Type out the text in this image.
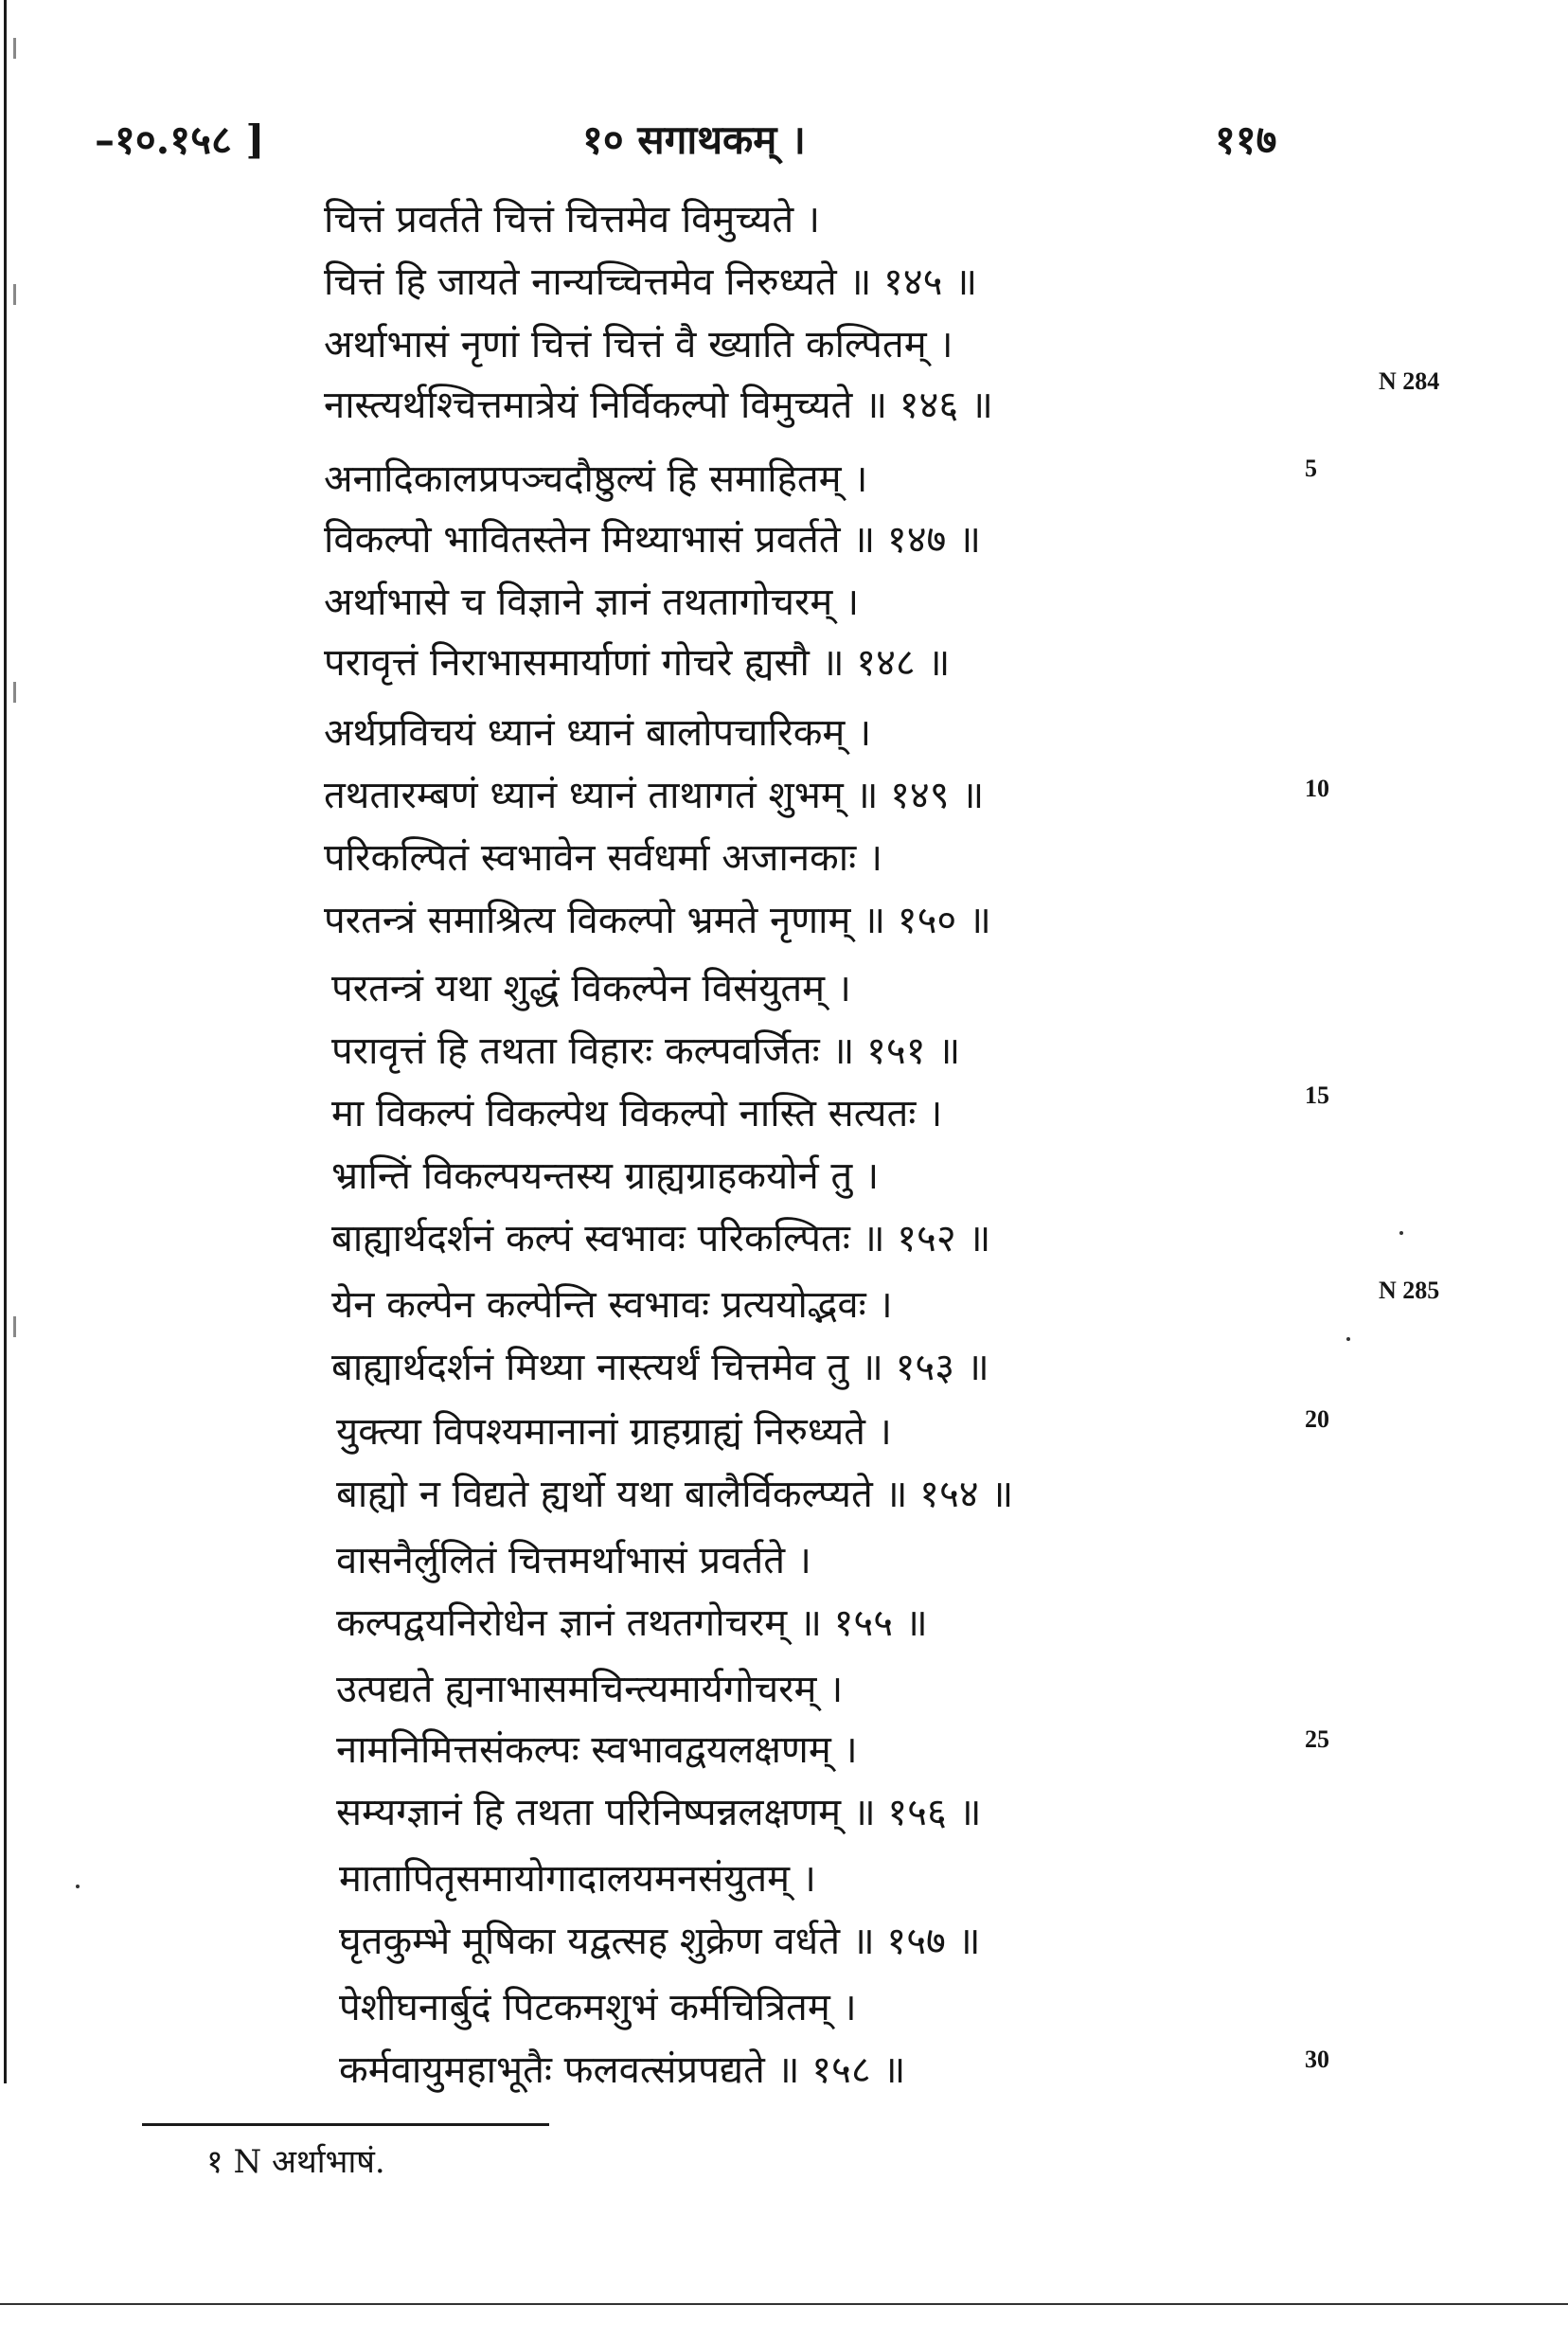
–१०.१५८ ]	१० सगाथकम् ।	११७
चित्तं प्रवर्तते चित्तं चित्तमेव विमुच्यते ।
चित्तं हि जायते नान्यच्चित्तमेव निरुध्यते ॥ १४५ ॥
अर्थाभासं नृणां चित्तं चित्तं वै ख्याति कल्पितम् ।
नास्त्यर्थश्चित्तमात्रेयं निर्विकल्पो विमुच्यते ॥ १४६ ॥
अनादिकालप्रपञ्चदौष्ठुल्यं हि समाहितम् ।
विकल्पो भावितस्तेन मिथ्याभासं प्रवर्तते ॥ १४७ ॥
अर्थाभासे च विज्ञाने ज्ञानं तथतागोचरम् ।
परावृत्तं निराभासमार्याणां गोचरे ह्यसौ ॥ १४८ ॥
अर्थप्रविचयं ध्यानं ध्यानं बालोपचारिकम् ।
तथतारम्बणं ध्यानं ध्यानं ताथागतं शुभम् ॥ १४९ ॥
परिकल्पितं स्वभावेन सर्वधर्मा अजानकाः ।
परतन्त्रं समाश्रित्य विकल्पो भ्रमते नृणाम् ॥ १५० ॥
परतन्त्रं यथा शुद्धं विकल्पेन विसंयुतम् ।
परावृत्तं हि तथता विहारः कल्पवर्जितः ॥ १५१ ॥
मा विकल्पं विकल्पेथ विकल्पो नास्ति सत्यतः ।
भ्रान्तिं विकल्पयन्तस्य ग्राह्यग्राहकयोर्न तु ।
बाह्यार्थदर्शनं कल्पं स्वभावः परिकल्पितः ॥ १५२ ॥
येन कल्पेन कल्पेन्ति स्वभावः प्रत्ययोद्भवः ।
बाह्यार्थदर्शनं मिथ्या नास्त्यर्थं चित्तमेव तु ॥ १५३ ॥
युक्त्या विपश्यमानानां ग्राहग्राह्यं निरुध्यते ।
बाह्यो न विद्यते ह्यर्थो यथा बालैर्विकल्प्यते ॥ १५४ ॥
वासनैर्लुलितं चित्तमर्थाभासं प्रवर्तते ।
कल्पद्वयनिरोधेन ज्ञानं तथतगोचरम् ॥ १५५ ॥
उत्पद्यते ह्यनाभासमचिन्त्यमार्यगोचरम् ।
नामनिमित्तसंकल्पः स्वभावद्वयलक्षणम् ।
सम्यग्ज्ञानं हि तथता परिनिष्पन्नलक्षणम् ॥ १५६ ॥
मातापितृसमायोगादालयमनसंयुतम् ।
घृतकुम्भे मूषिका यद्वत्सह शुक्रेण वर्धते ॥ १५७ ॥
पेशीघनार्बुदं पिटकमशुभं कर्मचित्रितम् ।
कर्मवायुमहाभूतैः फलवत्संप्रपद्यते ॥ १५८ ॥
5
10
15
20
25
30
N 284
N 285
१ N अर्थाभाषं.
